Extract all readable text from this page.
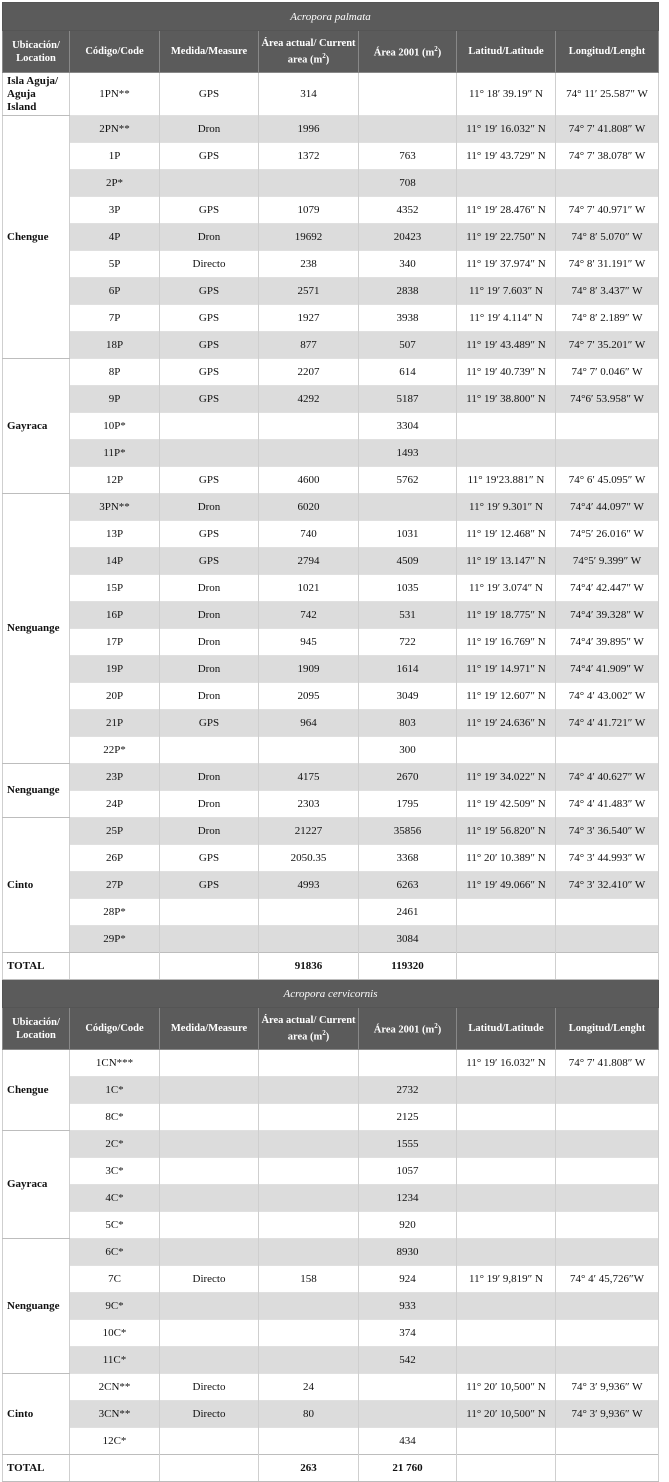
Acropora palmata						
Ubicación/ Location	Código/Code	Medida/Measure	Área actual/ Current area $(m^2)$	Área 2001 $(m^2)$	Latitud/Latitude	Longitud/Lenght
Isla Aguja/ Aguja Island	1PN**	GPS	314		11° 18′ 39.19″ N	74° 11′ 25.587″ W
Chengue	2PN**	Dron	1996		11° 19′ 16.032″ N	74° 7′ 41.808″ W
	1P	GPS	1372	763	11° 19′ 43.729″ N	74° 7′ 38.078″ W
	2P*			708		
	3P	GPS	1079	4352	11° 19′ 28.476″ N	74° 7′ 40.971″ W
	4P	Dron	19692	20423	11° 19′ 22.750″ N	74° 8′ 5.070″ W
	5P	Directo	238	340	11° 19′ 37.974″ N	74° 8′ 31.191″ W
	6P	GPS	2571	2838	11° 19′ 7.603″ N	74° 8′ 3.437″ W
	7P	GPS	1927	3938	11° 19′ 4.114″ N	74° 8′ 2.189″ W
	18P	GPS	877	507	11° 19′ 43.489″ N	74° 7′ 35.201″ W
Gayraca	8P	GPS	2207	614	11° 19′ 40.739″ N	74° 7′ 0.046″ W
	9P	GPS	4292	5187	11° 19′ 38.800″ N	74°6′ 53.958″ W
	10P*			3304		
	11P*			1493		
	12P	GPS	4600	5762	11° 19′23.881″ N	74° 6′ 45.095″ W
Nenguange	3PN**	Dron	6020		11° 19′ 9.301″ N	74°4′ 44.097″ W
	13P	GPS	740	1031	11° 19′ 12.468″ N	74°5′ 26.016″ W
	14P	GPS	2794	4509	11° 19′ 13.147″ N	74°5′ 9.399″ W
	15P	Dron	1021	1035	11° 19′ 3.074″ N	74°4′ 42.447″ W
	16P	Dron	742	531	11° 19′ 18.775″ N	74°4′ 39.328″ W
	17P	Dron	945	722	11° 19′ 16.769″ N	74°4′ 39.895″ W
	19P	Dron	1909	1614	11° 19′ 14.971″ N	74°4′ 41.909″ W
	20P	Dron	2095	3049	11° 19′ 12.607″ N	74° 4′ 43.002″ W
	21P	GPS	964	803	11° 19′ 24.636″ N	74° 4′ 41.721″ W
	22P*			300		
Nenguange	23P	Dron	4175	2670	11° 19′ 34.022″ N	74° 4′ 40.627″ W
	24P	Dron	2303	1795	11° 19′ 42.509″ N	74° 4′ 41.483″ W
Cinto	25P	Dron	21227	35856	11° 19′ 56.820″ N	74° 3′ 36.540″ W
	26P	GPS	2050.35	3368	11° 20′ 10.389″ N	74° 3′ 44.993″ W
	27P	GPS	4993	6263	11° 19′ 49.066″ N	74° 3′ 32.410″ W
	28P*			2461		
	29P*			3084		
TOTAL			91836	119320		
Acropora cervicornis						
Ubicación/ Location	Código/Code	Medida/Measure	Área actual/ Current area $(m^2)$	Área 2001 $(m^2)$	Latitud/Latitude	Longitud/Lenght
Chengue	1CN***				11° 19′ 16.032″ N	74° 7′ 41.808″ W
	1C*			2732		
	8C*			2125		
Gayraca	2C*			1555		
	3C*			1057		
	4C*			1234		
	5C*			920		
Nenguange	6C*			8930		
	7C	Directo	158	924	11° 19′ 9,819″ N	74° 4′ 45,726″W
	9C*			933		
	10C*			374		
	11C*			542		
Cinto	2CN**	Directo	24		11° 20′ 10,500″ N	74° 3′ 9,936″ W
	3CN**	Directo	80		11° 20′ 10,500″ N	74° 3′ 9,936″ W
	12C*			434		
TOTAL			263	21 760		
